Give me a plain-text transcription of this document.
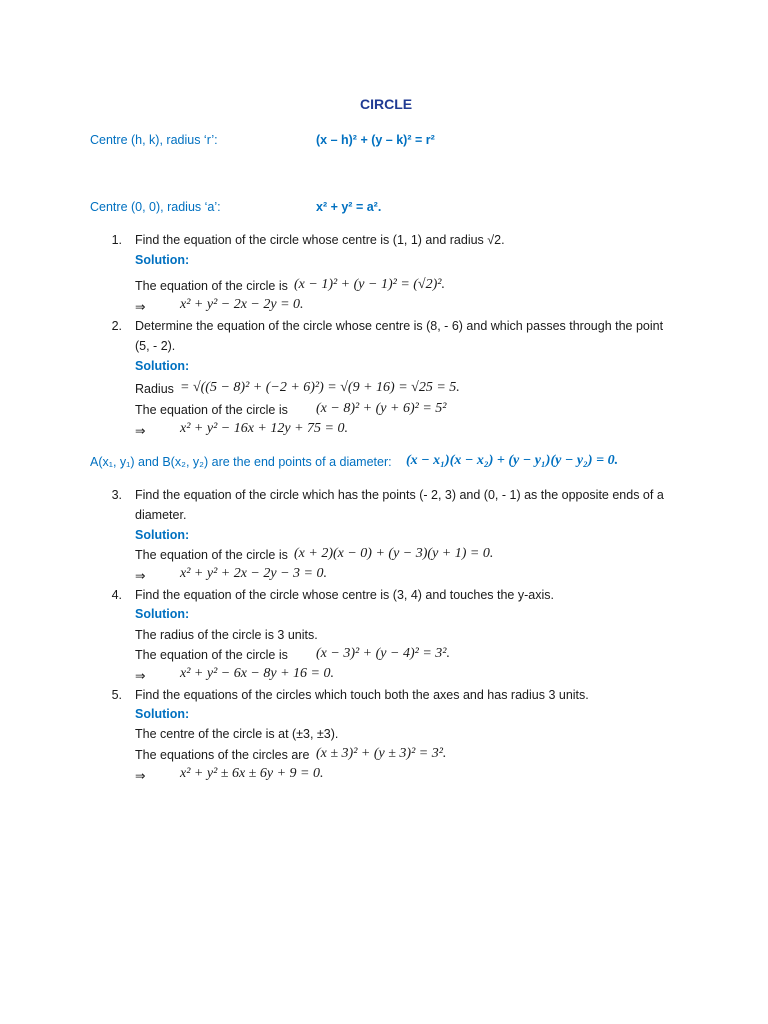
CIRCLE
Centre (h, k), radius ‘r’:	(x – h)² + (y – k)² = r²
Centre (0, 0), radius ‘a’:	x² + y² = a².
1. Find the equation of the circle whose centre is (1, 1) and radius √2.
Solution:
The equation of the circle is (x − 1)² + (y − 1)² = (√2)².
⇒ x² + y² − 2x − 2y = 0.
2. Determine the equation of the circle whose centre is (8, - 6) and which passes through the point
(5, - 2).
Solution:
Radius = √((5 − 8)² + (−2 + 6)²) = √(9 + 16) = √25 = 5.
The equation of the circle is (x − 8)² + (y + 6)² = 5²
⇒ x² + y² − 16x + 12y + 75 = 0.
A(x₁, y₁) and B(x₂, y₂) are the end points of a diameter: (x − x₁)(x − x₂) + (y − y₁)(y − y₂) = 0.
3. Find the equation of the circle which has the points (- 2, 3) and (0, - 1) as the opposite ends of a
diameter.
Solution:
The equation of the circle is (x + 2)(x − 0) + (y − 3)(y + 1) = 0.
⇒ x² + y² + 2x − 2y − 3 = 0.
4. Find the equation of the circle whose centre is (3, 4) and touches the y-axis.
Solution:
The radius of the circle is 3 units.
The equation of the circle is (x − 3)² + (y − 4)² = 3².
⇒ x² + y² − 6x − 8y + 16 = 0.
5. Find the equations of the circles which touch both the axes and has radius 3 units.
Solution:
The centre of the circle is at (±3, ±3).
The equations of the circles are (x ± 3)² + (y ± 3)² = 3².
⇒ x² + y² ± 6x ± 6y + 9 = 0.
